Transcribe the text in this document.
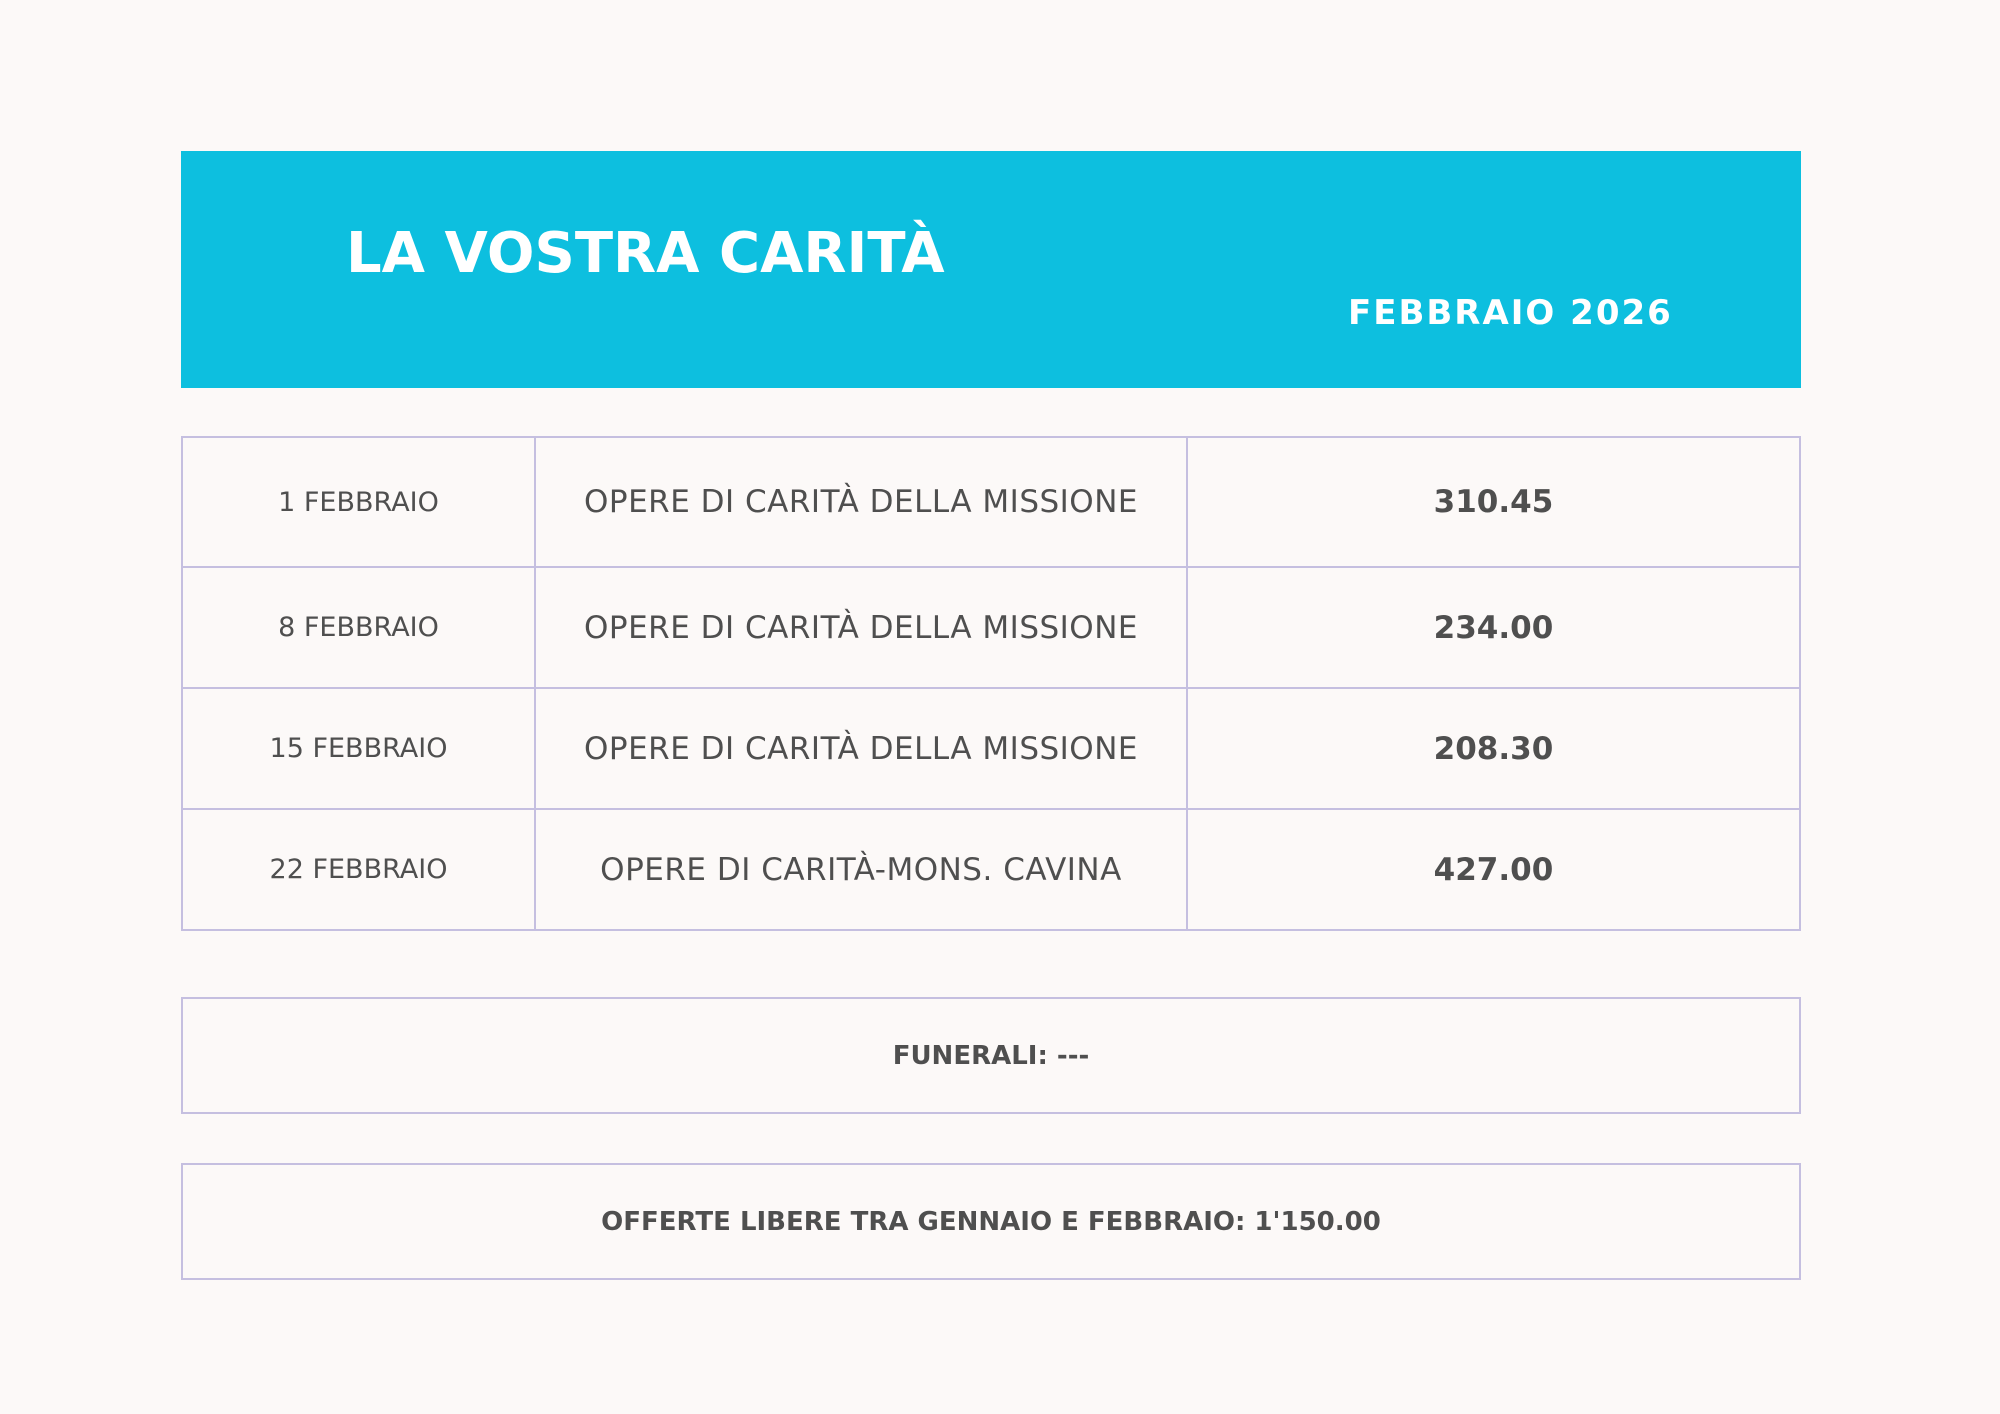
LA VOSTRA CARITÀ
FEBBRAIO 2026
1 FEBBRAIO	OPERE DI CARITÀ DELLA MISSIONE	310.45
8 FEBBRAIO	OPERE DI CARITÀ DELLA MISSIONE	234.00
15 FEBBRAIO	OPERE DI CARITÀ DELLA MISSIONE	208.30
22 FEBBRAIO	OPERE DI CARITÀ-MONS. CAVINA	427.00
FUNERALI: ---
OFFERTE LIBERE TRA GENNAIO E FEBBRAIO: 1'150.00
